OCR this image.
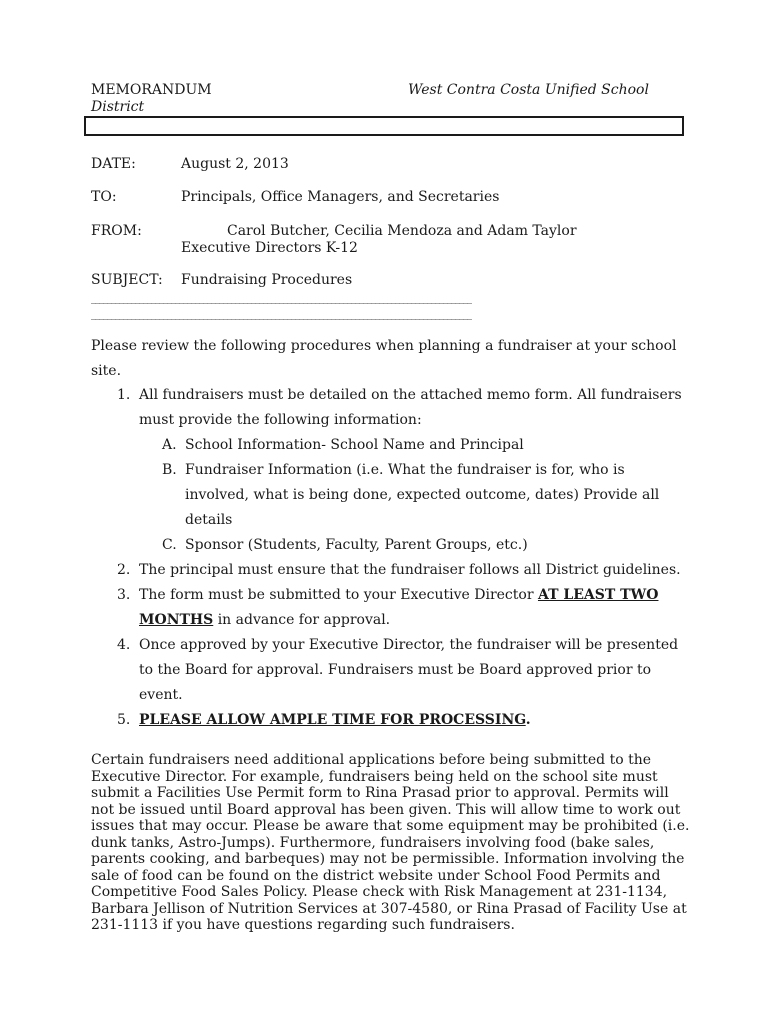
MEMORANDUM	West Contra Costa Unified School
District
DATE:	August 2, 2013
TO:	Principals, Office Managers, and Secretaries
FROM:	Carol Butcher, Cecilia Mendoza and Adam Taylor
Executive Directors K-12
SUBJECT: Fundraising Procedures
_______________________________________________________________________________________________
_______________________________________________________________________________________________
Please review the following procedures when planning a fundraiser at your school site.
1. All fundraisers must be detailed on the attached memo form. All fundraisers must provide the following information:
A. School Information- School Name and Principal
B. Fundraiser Information (i.e. What the fundraiser is for, who is involved, what is being done, expected outcome, dates) Provide all details
C. Sponsor (Students, Faculty, Parent Groups, etc.)
2. The principal must ensure that the fundraiser follows all District guidelines.
3. The form must be submitted to your Executive Director AT LEAST TWO MONTHS in advance for approval.
4. Once approved by your Executive Director, the fundraiser will be presented to the Board for approval. Fundraisers must be Board approved prior to event.
5. PLEASE ALLOW AMPLE TIME FOR PROCESSING.
Certain fundraisers need additional applications before being submitted to the Executive Director. For example, fundraisers being held on the school site must submit a Facilities Use Permit form to Rina Prasad prior to approval. Permits will not be issued until Board approval has been given. This will allow time to work out issues that may occur. Please be aware that some equipment may be prohibited (i.e. dunk tanks, Astro-Jumps). Furthermore, fundraisers involving food (bake sales, parents cooking, and barbeques) may not be permissible. Information involving the sale of food can be found on the district website under School Food Permits and Competitive Food Sales Policy. Please check with Risk Management at 231-1134, Barbara Jellison of Nutrition Services at 307-4580, or Rina Prasad of Facility Use at 231-1113 if you have questions regarding such fundraisers.
